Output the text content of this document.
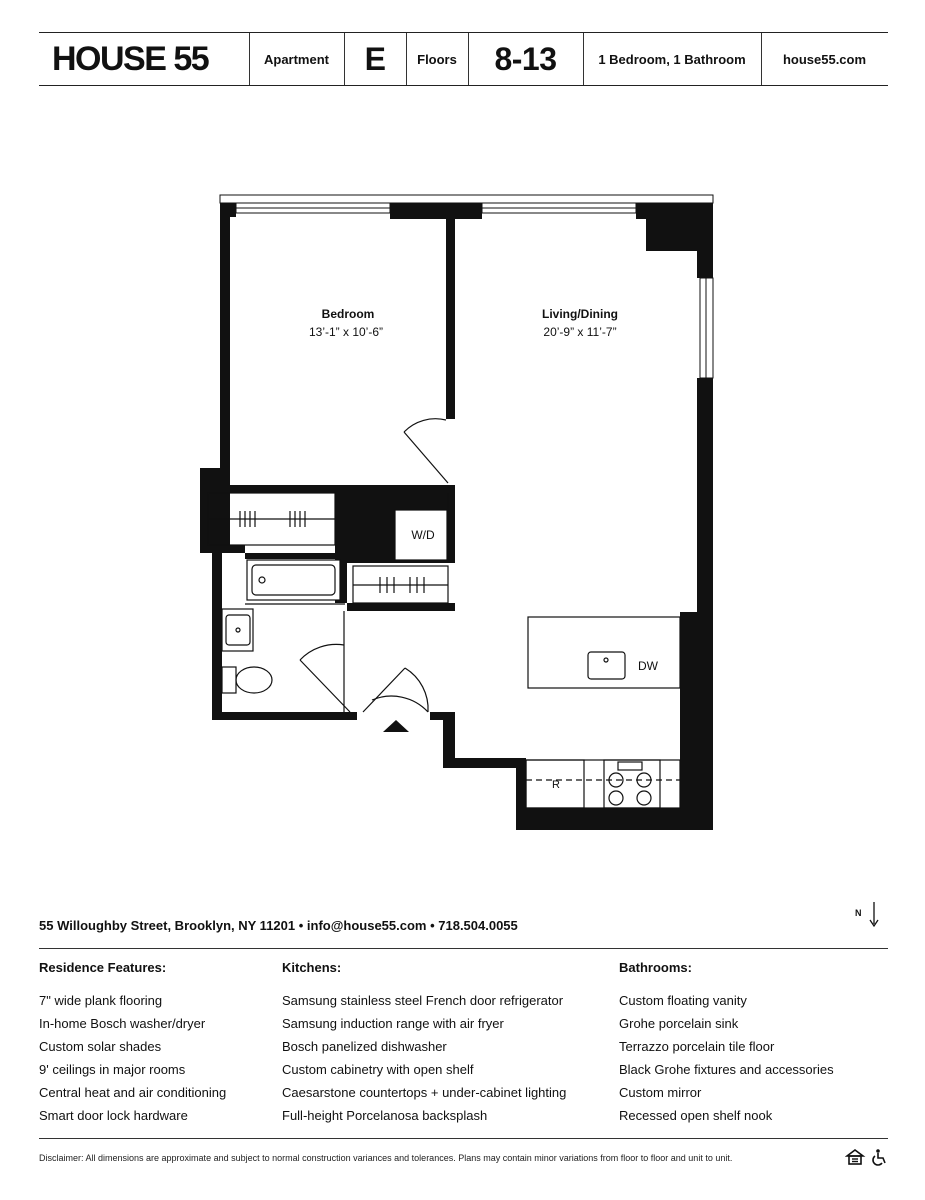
HOUSE 55	Apartment	E	Floors	8-13	1 Bedroom, 1 Bathroom	house55.com
Bedroom
13’-1” x 10’-6”
Living/Dining
20’-9” x 11’-7”
W/D
DW
R
N
55 Willoughby Street, Brooklyn, NY 11201 • info@house55.com • 718.504.0055
Residence Features:
7" wide plank flooring
In-home Bosch washer/dryer
Custom solar shades
9' ceilings in major rooms
Central heat and air conditioning
Smart door lock hardware
Kitchens:
Samsung stainless steel French door refrigerator
Samsung induction range with air fryer
Bosch panelized dishwasher
Custom cabinetry with open shelf
Caesarstone countertops + under-cabinet lighting
Full-height Porcelanosa backsplash
Bathrooms:
Custom floating vanity
Grohe porcelain sink
Terrazzo porcelain tile floor
Black Grohe fixtures and accessories
Custom mirror
Recessed open shelf nook
Disclaimer: All dimensions are approximate and subject to normal construction variances and tolerances. Plans may contain minor variations from floor to floor and unit to unit.
